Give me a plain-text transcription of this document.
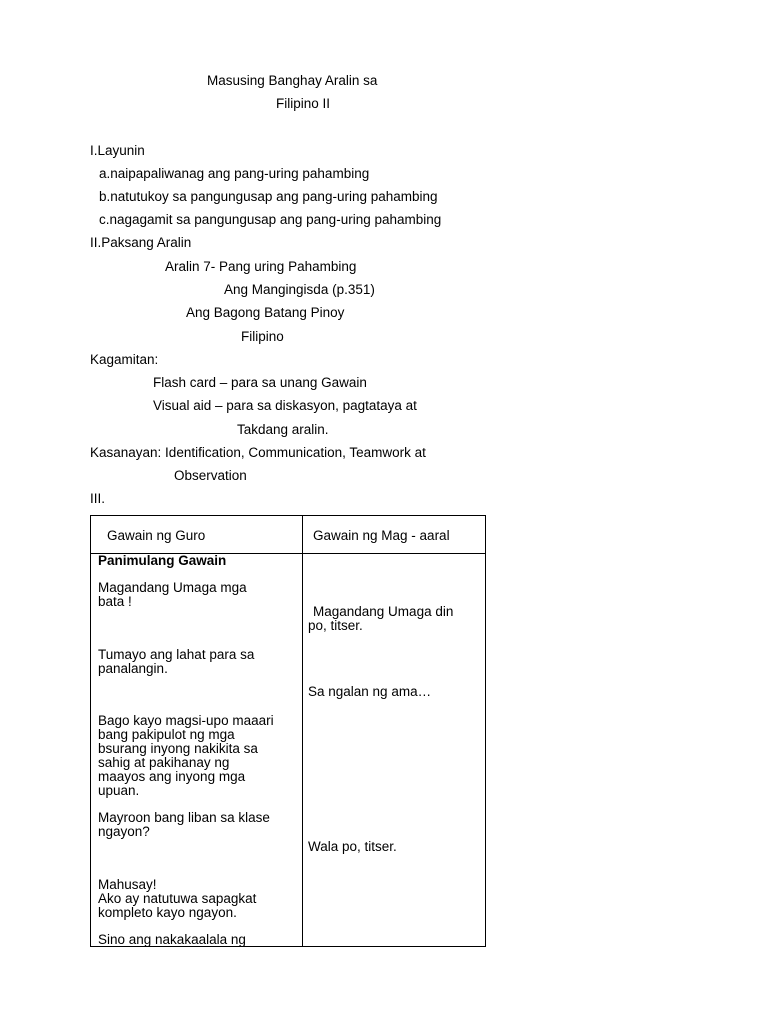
Masusing Banghay Aralin sa
Filipino II
I.Layunin
a.naipapaliwanag ang pang-uring pahambing
b.natutukoy sa pangungusap ang pang-uring pahambing
c.nagagamit sa pangungusap ang pang-uring pahambing
II.Paksang Aralin
Aralin 7- Pang uring Pahambing
Ang Mangingisda (p.351)
Ang Bagong Batang Pinoy
Filipino
Kagamitan:
Flash card – para sa unang Gawain
Visual aid – para sa diskasyon, pagtataya at
Takdang aralin.
Kasanayan: Identification, Communication, Teamwork at
Observation
III.
Gawain ng Guro	Gawain ng Mag - aaral
Panimulang Gawain
Magandang Umaga mga
bata !
Tumayo ang lahat para sa
panalangin.
Bago kayo magsi-upo maaari
bang pakipulot ng mga
bsurang inyong nakikita sa
sahig at pakihanay ng
maayos ang inyong mga
upuan.
Mayroon bang liban sa klase
ngayon?
Mahusay!
Ako ay natutuwa sapagkat
kompleto kayo ngayon.
Sino ang nakakaalala ng
Magandang Umaga din
po, titser.
Sa ngalan ng ama…
Wala po, titser.
